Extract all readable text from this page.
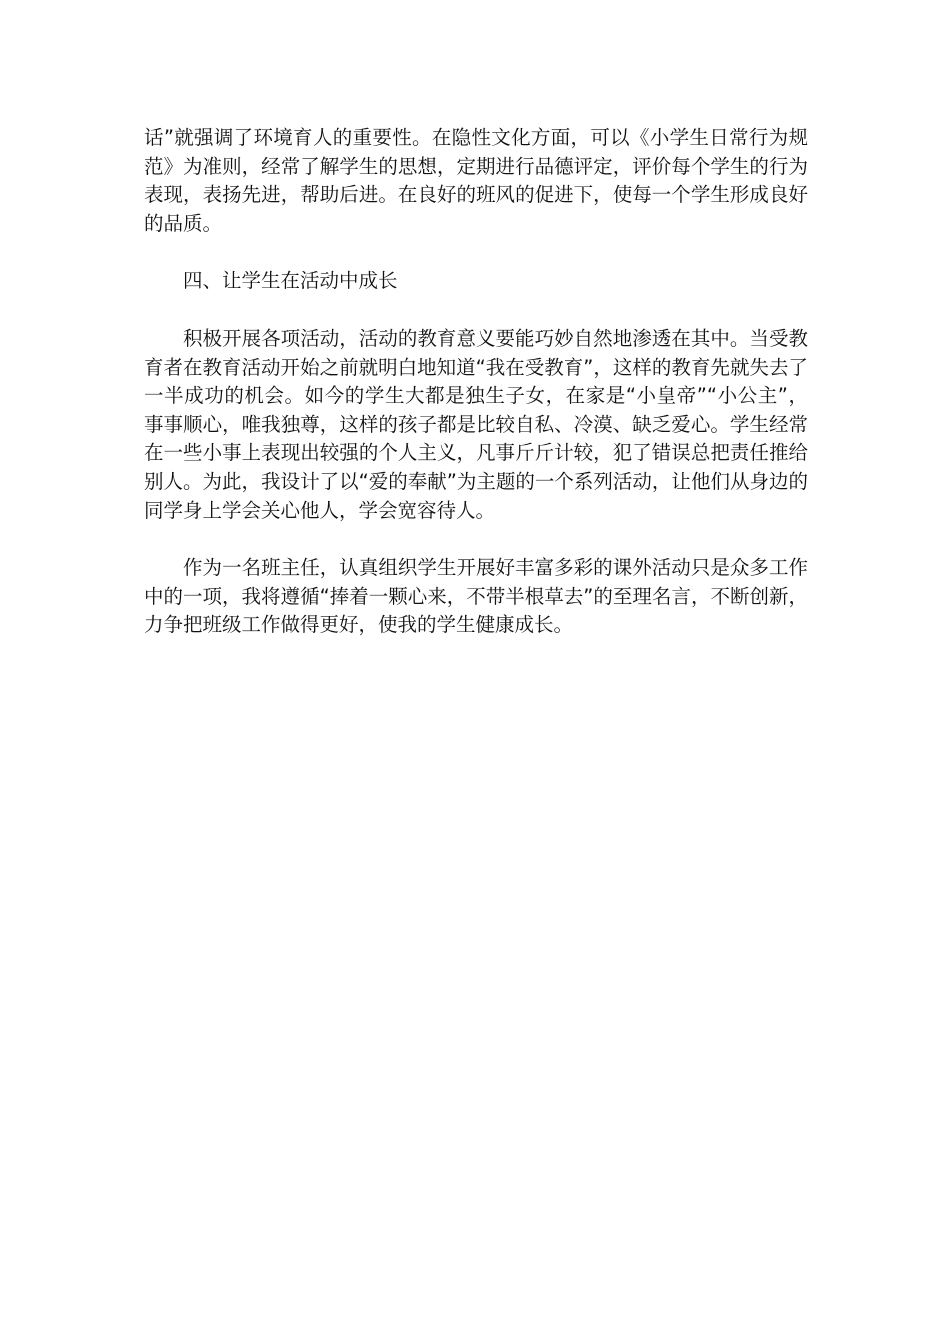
话”就强调了环境育人的重要性。在隐性文化方面，可以《小学生日常行为规范》为准则，经常了解学生的思想，定期进行品德评定，评价每个学生的行为表现，表扬先进，帮助后进。在良好的班风的促进下，使每一个学生形成良好的品质。

四、让学生在活动中成长

积极开展各项活动，活动的教育意义要能巧妙自然地渗透在其中。当受教育者在教育活动开始之前就明白地知道“我在受教育”，这样的教育先就失去了一半成功的机会。如今的学生大都是独生子女，在家是“小皇帝”“小公主”，事事顺心，唯我独尊，这样的孩子都是比较自私、冷漠、缺乏爱心。学生经常在一些小事上表现出较强的个人主义，凡事斤斤计较，犯了错误总把责任推给别人。为此，我设计了以“爱的奉献”为主题的一个系列活动，让他们从身边的同学身上学会关心他人，学会宽容待人。

作为一名班主任，认真组织学生开展好丰富多彩的课外活动只是众多工作中的一项，我将遵循“捧着一颗心来，不带半根草去”的至理名言，不断创新，力争把班级工作做得更好，使我的学生健康成长。
